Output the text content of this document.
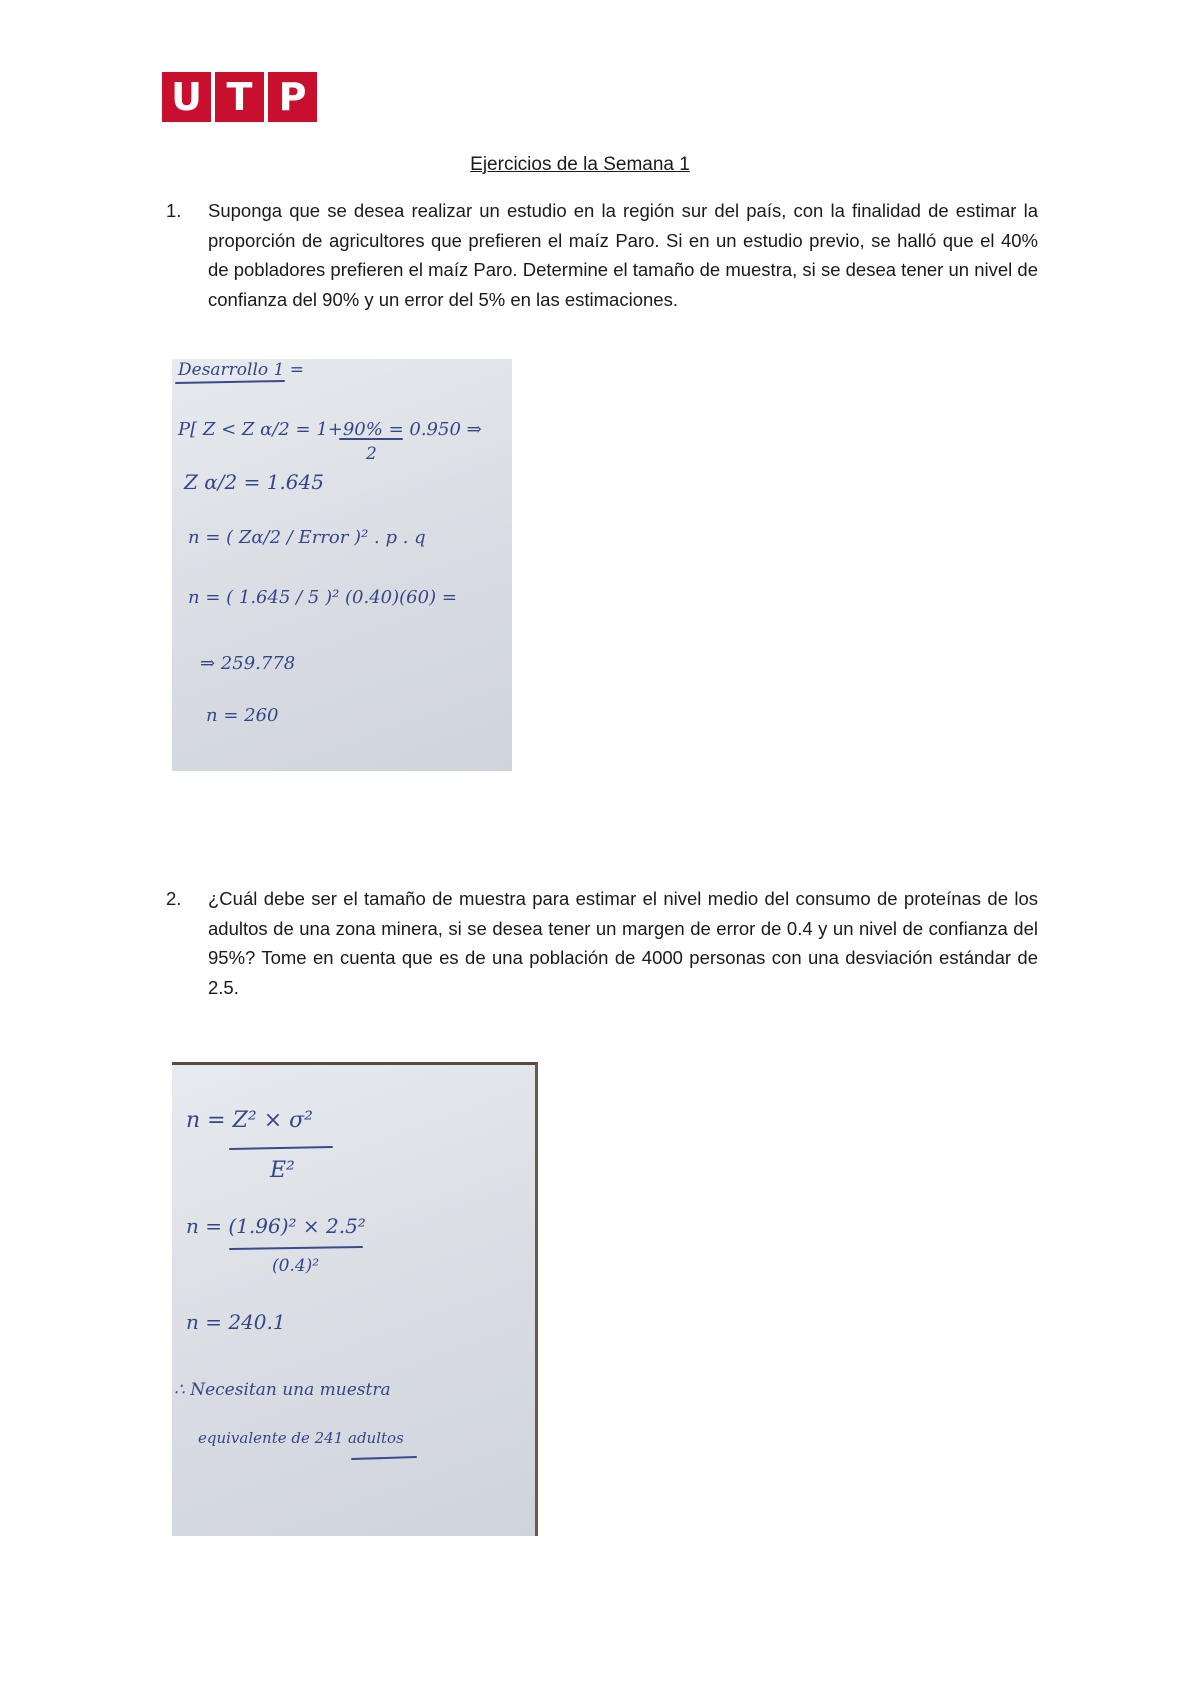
U T P
Ejercicios de la Semana 1
1. Suponga que se desea realizar un estudio en la región sur del país, con la finalidad de estimar la proporción de agricultores que prefieren el maíz Paro. Si en un estudio previo, se halló que el 40% de pobladores prefieren el maíz Paro. Determine el tamaño de muestra, si se desea tener un nivel de confianza del 90% y un error del 5% en las estimaciones.
Desarrollo 1 =
P[ Z < Z α/2 = 1+90% = 0.950 ⇒
2
Z α/2 = 1.645
n = ( Zα/2 / Error )² . p . q
n = ( 1.645 / 5 )² (0.40)(60) =
⇒ 259.778
n = 260
2. ¿Cuál debe ser el tamaño de muestra para estimar el nivel medio del consumo de proteínas de los adultos de una zona minera, si se desea tener un margen de error de 0.4 y un nivel de confianza del 95%? Tome en cuenta que es de una población de 4000 personas con una desviación estándar de 2.5.
n = Z² × σ²
E²
n = (1.96)² × 2.5²
(0.4)²
n = 240.1
∴ Necesitan una muestra
equivalente de 241 adultos
